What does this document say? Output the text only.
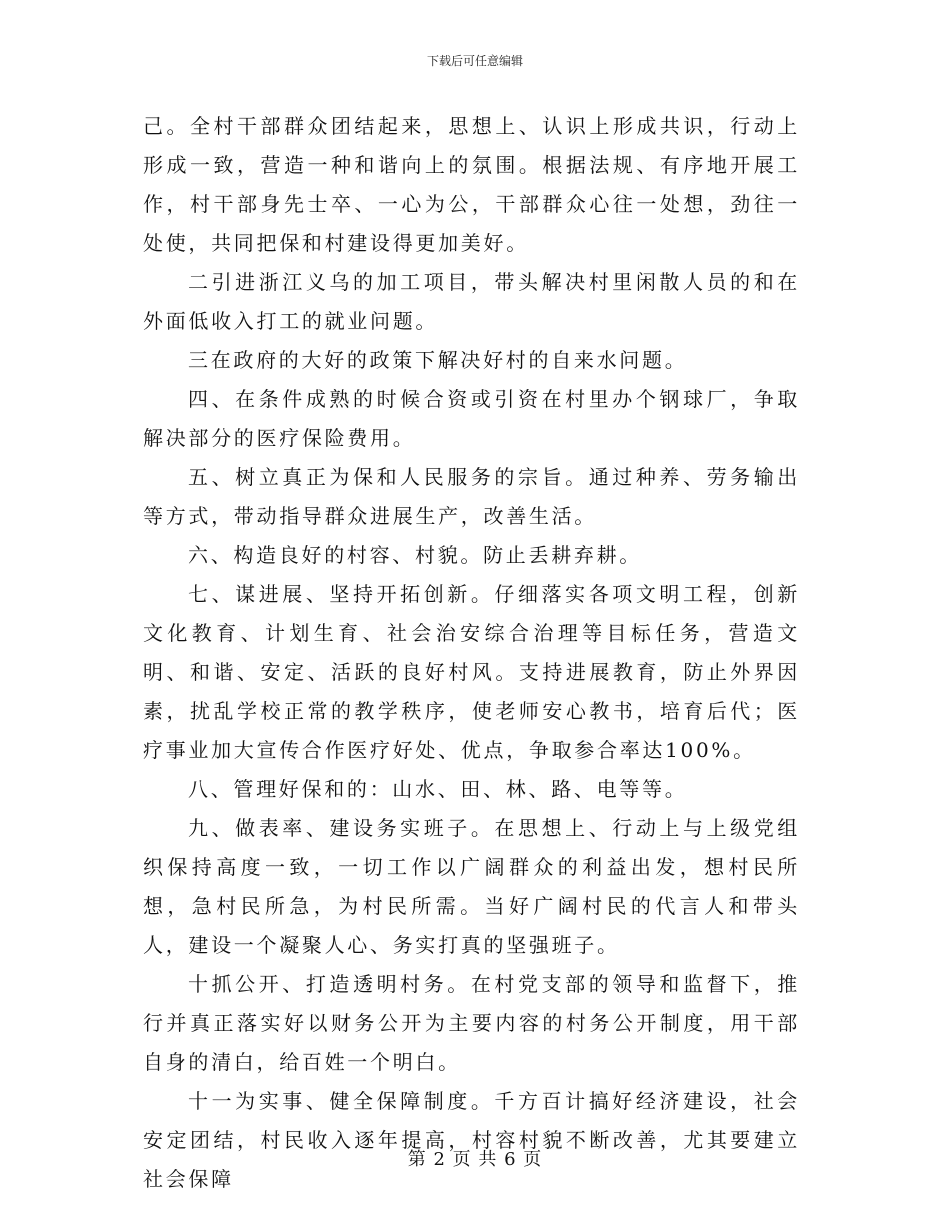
下载后可任意编辑

己。全村干部群众团结起来，思想上、认识上形成共识，行动上形成一致，营造一种和谐向上的氛围。根据法规、有序地开展工作，村干部身先士卒、一心为公，干部群众心往一处想，劲往一处使，共同把保和村建设得更加美好。

二引进浙江义乌的加工项目，带头解决村里闲散人员的和在外面低收入打工的就业问题。

三在政府的大好的政策下解决好村的自来水问题。

四、在条件成熟的时候合资或引资在村里办个钢球厂，争取解决部分的医疗保险费用。

五、树立真正为保和人民服务的宗旨。通过种养、劳务输出等方式，带动指导群众进展生产，改善生活。

六、构造良好的村容、村貌。防止丢耕弃耕。

七、谋进展、坚持开拓创新。仔细落实各项文明工程，创新文化教育、计划生育、社会治安综合治理等目标任务，营造文明、和谐、安定、活跃的良好村风。支持进展教育，防止外界因素，扰乱学校正常的教学秩序，使老师安心教书，培育后代；医疗事业加大宣传合作医疗好处、优点，争取参合率达100%。

八、管理好保和的：山水、田、林、路、电等等。

九、做表率、建设务实班子。在思想上、行动上与上级党组织保持高度一致，一切工作以广阔群众的利益出发，想村民所想，急村民所急，为村民所需。当好广阔村民的代言人和带头人，建设一个凝聚人心、务实打真的坚强班子。

十抓公开、打造透明村务。在村党支部的领导和监督下，推行并真正落实好以财务公开为主要内容的村务公开制度，用干部自身的清白，给百姓一个明白。

十一为实事、健全保障制度。千方百计搞好经济建设，社会安定团结，村民收入逐年提高，村容村貌不断改善，尤其要建立社会保障

第 2 页 共 6 页
